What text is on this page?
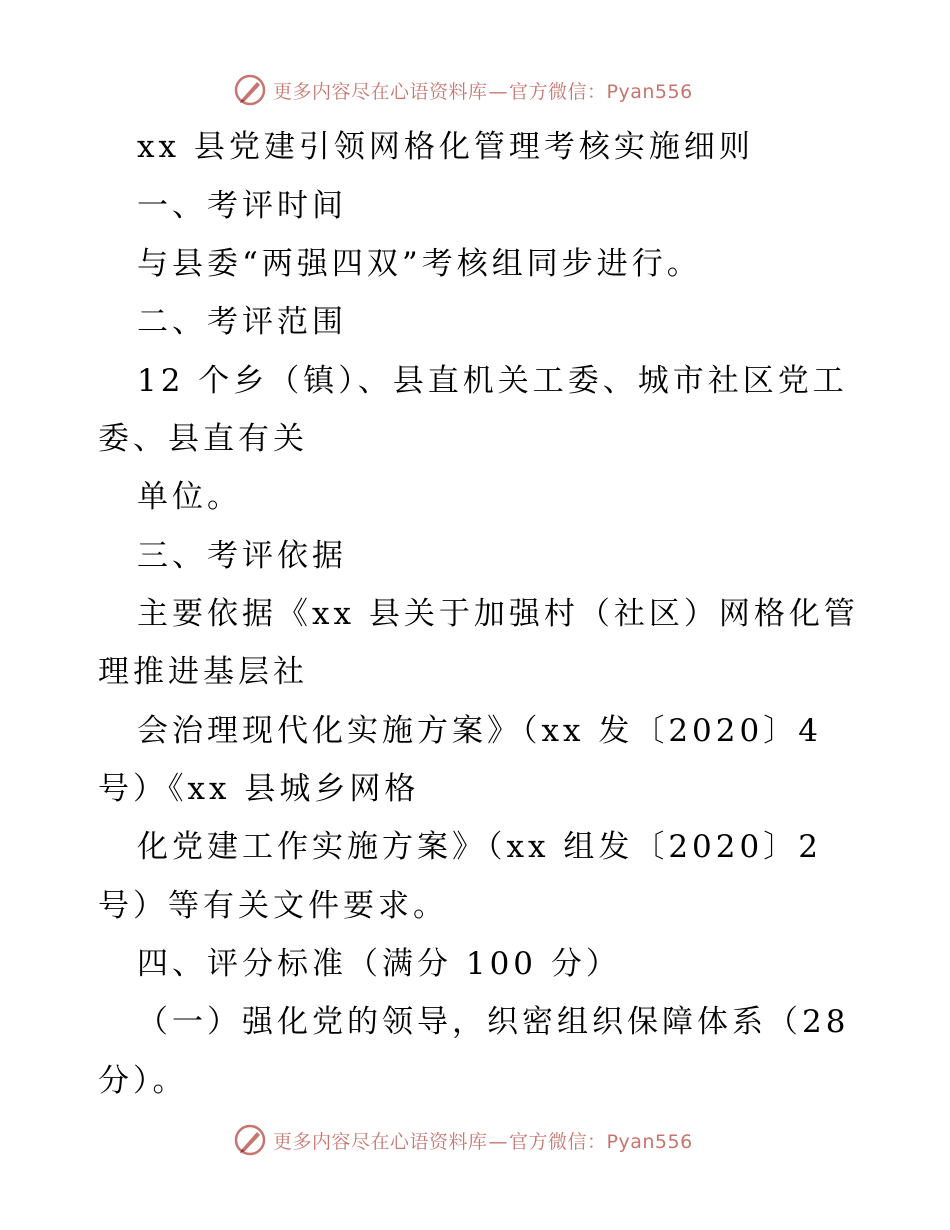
更多内容尽在心语资料库—官方微信：Pyan556
xx 县党建引领网格化管理考核实施细则
一、考评时间
与县委“两强四双”考核组同步进行。
二、考评范围
12 个乡（镇）、县直机关工委、城市社区党工
委、县直有关
单位。
三、考评依据
主要依据《xx 县关于加强村（社区）网格化管
理推进基层社
会治理现代化实施方案》（xx 发〔2020〕4
号）《xx 县城乡网格
化党建工作实施方案》（xx 组发〔2020〕2
号）等有关文件要求。
四、评分标准（满分 100 分）
（一）强化党的领导，织密组织保障体系（28
分）。
更多内容尽在心语资料库—官方微信：Pyan556
